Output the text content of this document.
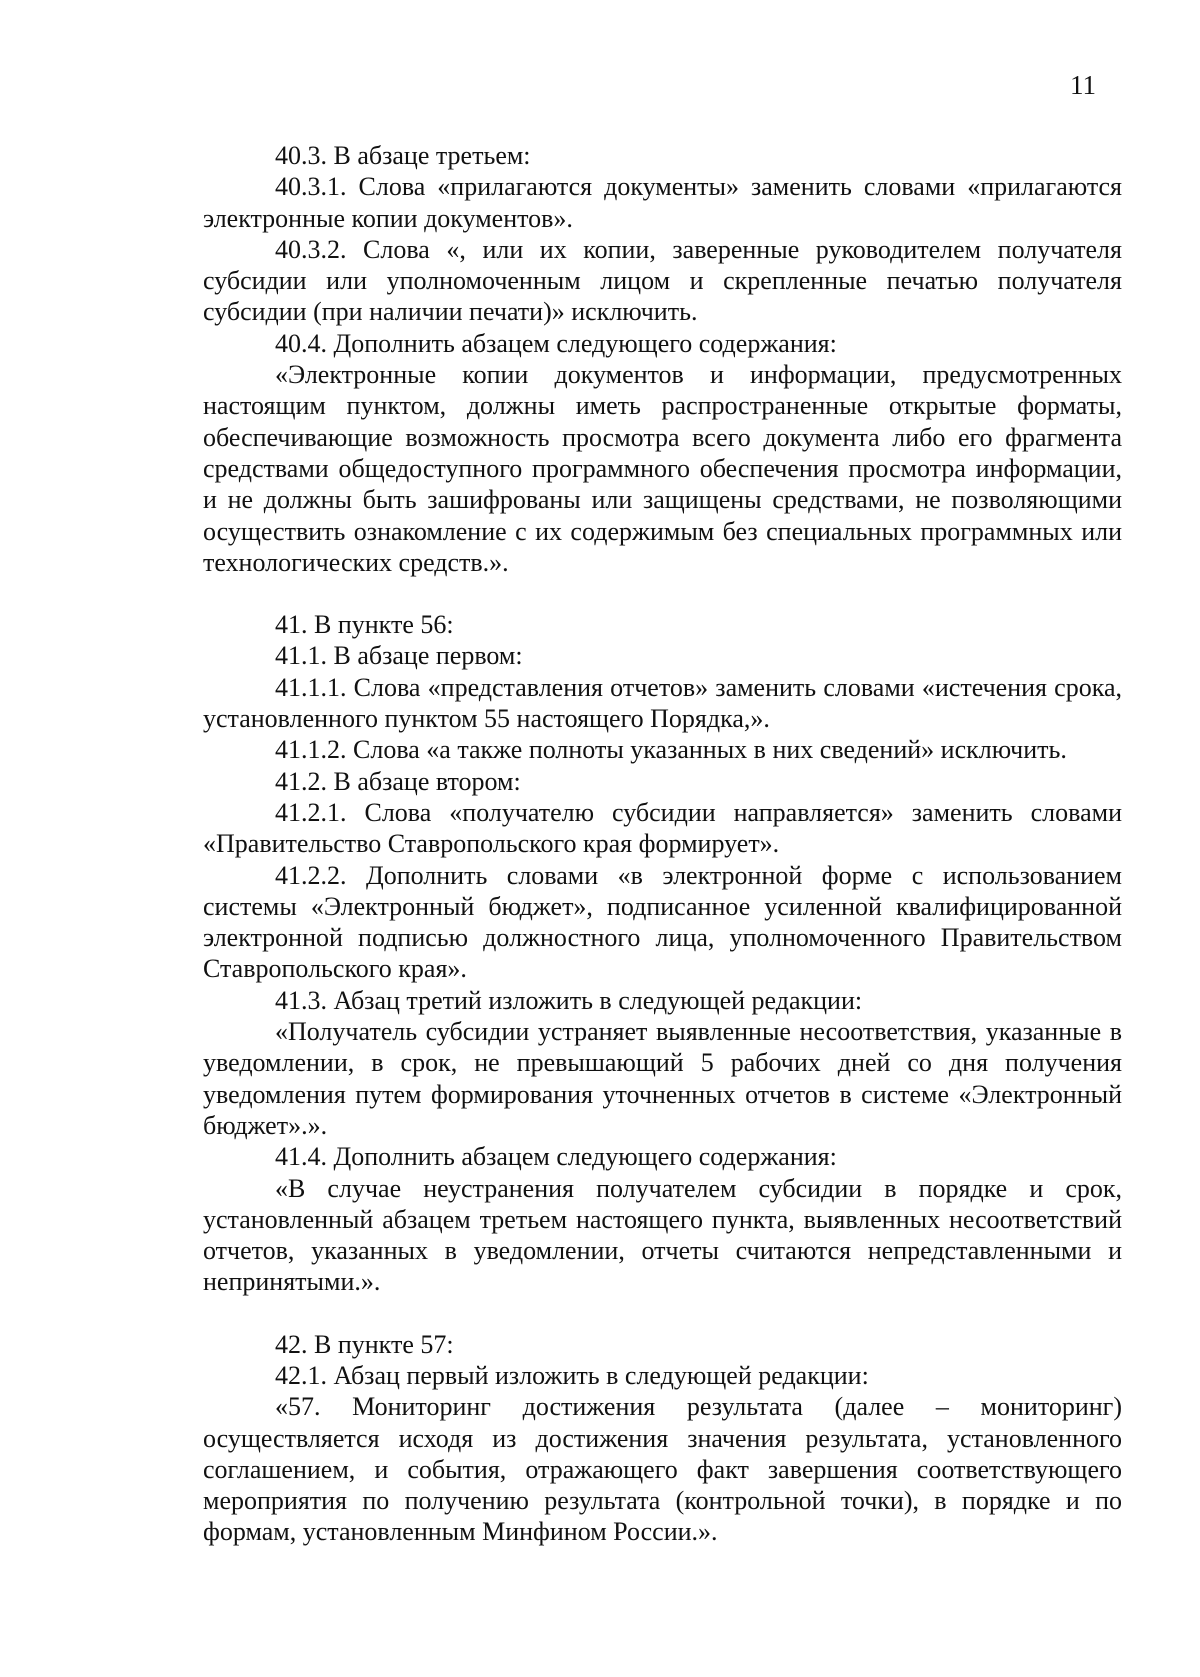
11

40.3. В абзаце третьем:

40.3.1. Слова «прилагаются документы» заменить словами «прилагаются электронные копии документов».

40.3.2. Слова «, или их копии, заверенные руководителем получателя субсидии или уполномоченным лицом и скрепленные печатью получателя субсидии (при наличии печати)» исключить.

40.4. Дополнить абзацем следующего содержания:

«Электронные копии документов и информации, предусмотренных настоящим пунктом, должны иметь распространенные открытые форматы, обеспечивающие возможность просмотра всего документа либо его фрагмента средствами общедоступного программного обеспечения просмотра информации, и не должны быть зашифрованы или защищены средствами, не позволяющими осуществить ознакомление с их содержимым без специальных программных или технологических средств.».

41. В пункте 56:

41.1. В абзаце первом:

41.1.1. Слова «представления отчетов» заменить словами «истечения срока, установленного пунктом 55 настоящего Порядка,».

41.1.2. Слова «а также полноты указанных в них сведений» исключить.

41.2. В абзаце втором:

41.2.1. Слова «получателю субсидии направляется» заменить словами «Правительство Ставропольского края формирует».

41.2.2. Дополнить словами «в электронной форме с использованием системы «Электронный бюджет», подписанное усиленной квалифицированной электронной подписью должностного лица, уполномоченного Правительством Ставропольского края».

41.3. Абзац третий изложить в следующей редакции:

«Получатель субсидии устраняет выявленные несоответствия, указанные в уведомлении, в срок, не превышающий 5 рабочих дней со дня получения уведомления путем формирования уточненных отчетов в системе «Электронный бюджет».».

41.4. Дополнить абзацем следующего содержания:

«В случае неустранения получателем субсидии в порядке и срок, установленный абзацем третьем настоящего пункта, выявленных несоответствий отчетов, указанных в уведомлении, отчеты считаются непредставленными и непринятыми.».

42. В пункте 57:

42.1. Абзац первый изложить в следующей редакции:

«57. Мониторинг достижения результата (далее – мониторинг) осуществляется исходя из достижения значения результата, установленного соглашением, и события, отражающего факт завершения соответствующего мероприятия по получению результата (контрольной точки), в порядке и по формам, установленным Минфином России.».
